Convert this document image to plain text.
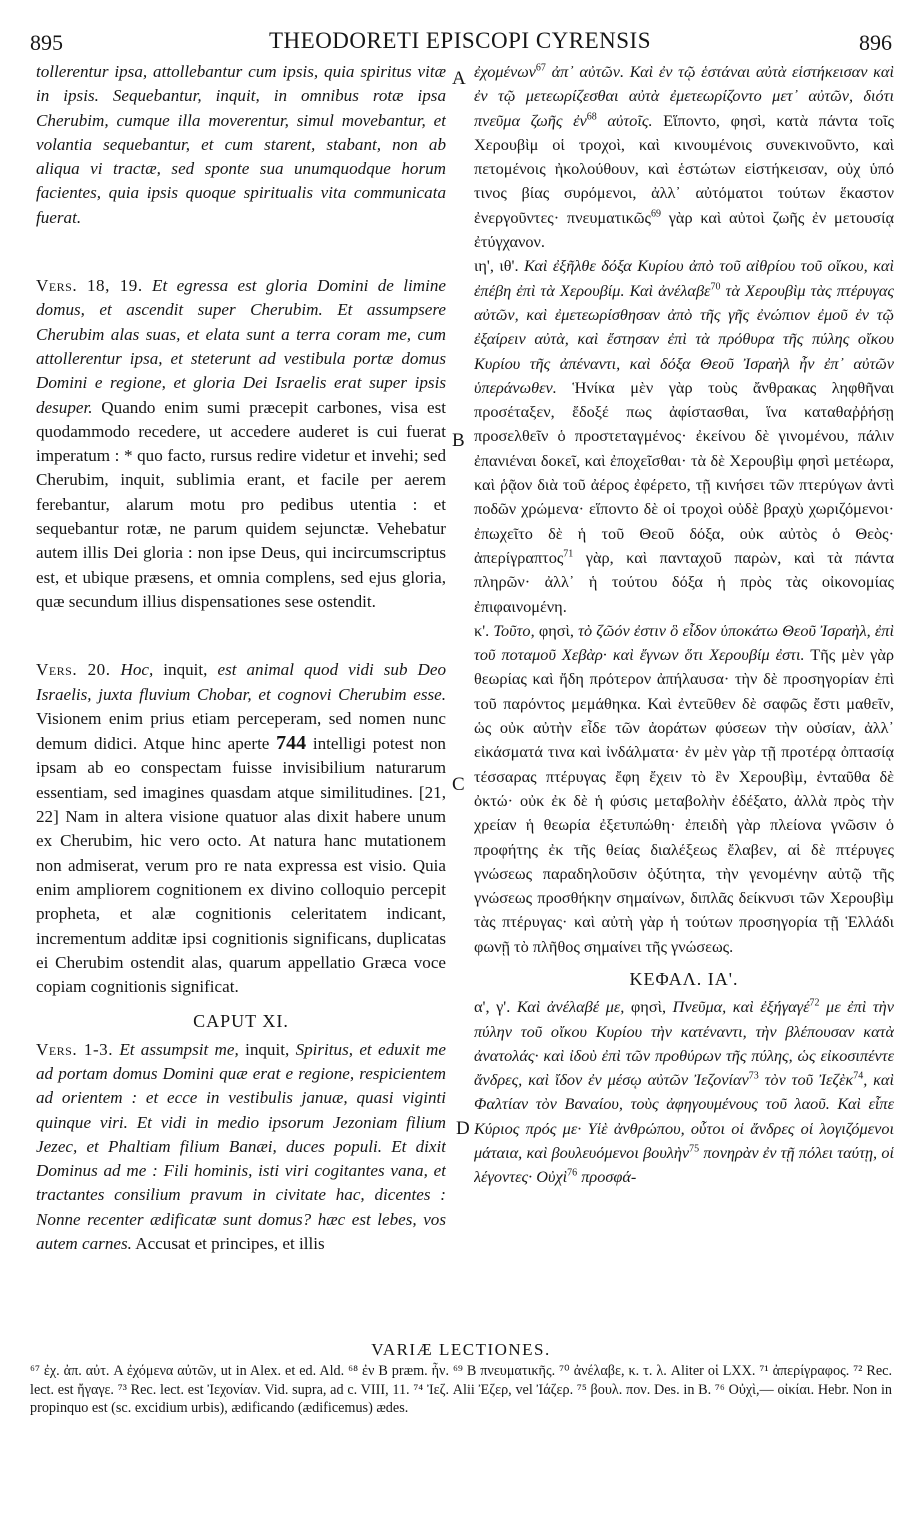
895	THEODORETI EPISCOPI CYRENSIS	896
A
B
C
D

tollerentur ipsa, attollebantur cum ipsis, quia spiritus vitæ in ipsis. Sequebantur, inquit, in omnibus rotæ ipsa Cherubim, cumque illa moverentur, simul movebantur, et volantia sequebantur, et cum starent, stabant, non ab aliqua vi tractæ, sed sponte sua unumquodque horum facientes, quia ipsis quoque spiritualis vita communicata fuerat.

Vers. 18, 19. Et egressa est gloria Domini de limine domus, et ascendit super Cherubim. Et assumpsere Cherubim alas suas, et elata sunt a terra coram me, cum attollerentur ipsa, et steterunt ad vestibula portæ domus Domini e regione, et gloria Dei Israelis erat super ipsis desuper. Quando enim sumi præcepit carbones, visa est quodammodo recedere, ut accedere auderet is cui fuerat imperatum : * quo facto, rursus redire videtur et invehi; sed Cherubim, inquit, sublimia erant, et facile per aerem ferebantur, alarum motu pro pedibus utentia : et sequebantur rotæ, ne parum quidem sejunctæ. Vehebatur autem illis Dei gloria : non ipse Deus, qui incircumscriptus est, et ubique præsens, et omnia complens, sed ejus gloria, quæ secundum illius dispensationes sese ostendit.

Vers. 20. Hoc, inquit, est animal quod vidi sub Deo Israelis, juxta fluvium Chobar, et cognovi Cherubim esse. Visionem enim prius etiam perceperam, sed nomen nunc demum didici. Atque hinc aperte 744 intelligi potest non ipsam ab eo conspectam fuisse invisibilium naturarum essentiam, sed imagines quasdam atque similitudines. [21, 22] Nam in altera visione quatuor alas dixit habere unum ex Cherubim, hic vero octo. At natura hanc mutationem non admiserat, verum pro re nata expressa est visio. Quia enim ampliorem cognitionem ex divino colloquio percepit propheta, et alæ cognitionis celeritatem indicant, incrementum additæ ipsi cognitionis significans, duplicatas ei Cherubim ostendit alas, quarum appellatio Græca voce copiam cognitionis significat.

CAPUT XI.

Vers. 1-3. Et assumpsit me, inquit, Spiritus, et eduxit me ad portam domus Domini quæ erat e regione, respicientem ad orientem : et ecce in vestibulis januæ, quasi viginti quinque viri. Et vidi in medio ipsorum Jezoniam filium Jezec, et Phaltiam filium Banæi, duces populi. Et dixit Dominus ad me : Fili hominis, isti viri cogitantes vana, et tractantes consilium pravum in civitate hac, dicentes : Nonne recenter ædificatæ sunt domus? hæc est lebes, vos autem carnes. Accusat et principes, et illis

ἐχομένων$^{67}$ ἀπ᾽ αὐτῶν. Καὶ ἐν τῷ ἑστάναι αὐτὰ εἱστήκεισαν καὶ ἐν τῷ μετεωρίζεσθαι αὐτὰ ἐμετεωρίζοντο μετ᾽ αὐτῶν, διότι πνεῦμα ζωῆς ἐν$^{68}$ αὐτοῖς. Εἵποντο, φησὶ, κατὰ πάντα τοῖς Χερουβὶμ οἱ τροχοὶ, καὶ κινουμένοις συνεκινοῦντο, καὶ πετομένοις ἠκολούθουν, καὶ ἑστώτων εἱστήκεισαν, οὐχ ὑπό τινος βίας συρόμενοι, ἀλλ᾽ αὐτόματοι τούτων ἕκαστον ἐνεργοῦντες· πνευματικῶς$^{69}$ γὰρ καὶ αὐτοὶ ζωῆς ἐν μετουσίᾳ ἐτύγχανον.

ιη', ιθ'. Καὶ ἐξῆλθε δόξα Κυρίου ἀπὸ τοῦ αἰθρίου τοῦ οἴκου, καὶ ἐπέβη ἐπὶ τὰ Χερουβίμ. Καὶ ἀνέλαβε$^{70}$ τὰ Χερουβὶμ τὰς πτέρυγας αὐτῶν, καὶ ἐμετεωρίσθησαν ἀπὸ τῆς γῆς ἐνώπιον ἐμοῦ ἐν τῷ ἐξαίρειν αὐτὰ, καὶ ἔστησαν ἐπὶ τὰ πρόθυρα τῆς πύλης οἴκου Κυρίου τῆς ἀπέναντι, καὶ δόξα Θεοῦ Ἰσραὴλ ἦν ἐπ᾽ αὐτῶν ὑπεράνωθεν. Ἡνίκα μὲν γὰρ τοὺς ἄνθρακας ληφθῆναι προσέταξεν, ἔδοξέ πως ἀφίστασθαι, ἵνα καταθαῤῥήσῃ προσελθεῖν ὁ προστεταγμένος· ἐκείνου δὲ γινομένου, πάλιν ἐπανιέναι δοκεῖ, καὶ ἐποχεῖσθαι· τὰ δὲ Χερουβὶμ φησὶ μετέωρα, καὶ ῥᾷον διὰ τοῦ ἀέρος ἐφέρετο, τῇ κινήσει τῶν πτερύγων ἀντὶ ποδῶν χρώμενα· εἵποντο δὲ οἱ τροχοὶ οὐδὲ βραχὺ χωριζόμενοι· ἐπωχεῖτο δὲ ἡ τοῦ Θεοῦ δόξα, οὐκ αὐτὸς ὁ Θεὸς· ἀπερίγραπτος$^{71}$ γὰρ, καὶ πανταχοῦ παρὼν, καὶ τὰ πάντα πληρῶν· ἀλλ᾽ ἡ τούτου δόξα ἡ πρὸς τὰς οἰκονομίας ἐπιφαινομένη.

κ'. Τοῦτο, φησὶ, τὸ ζῶόν ἐστιν ὃ εἶδον ὑποκάτω Θεοῦ Ἰσραὴλ, ἐπὶ τοῦ ποταμοῦ Χεβὰρ· καὶ ἔγνων ὅτι Χερουβίμ ἐστι. Τῆς μὲν γὰρ θεωρίας καὶ ἤδη πρότερον ἀπήλαυσα· τὴν δὲ προσηγορίαν ἐπὶ τοῦ παρόντος μεμάθηκα. Καὶ ἐντεῦθεν δὲ σαφῶς ἔστι μαθεῖν, ὡς οὐκ αὐτὴν εἶδε τῶν ἀοράτων φύσεων τὴν οὐσίαν, ἀλλ᾽ εἰκάσματά τινα καὶ ἰνδάλματα· ἐν μὲν γὰρ τῇ προτέρᾳ ὀπτασίᾳ τέσσαρας πτέρυγας ἔφη ἔχειν τὸ ἓν Χερουβὶμ, ἐνταῦθα δὲ ὀκτώ· οὐκ ἐκ δὲ ἡ φύσις μεταβολὴν ἐδέξατο, ἀλλὰ πρὸς τὴν χρείαν ἡ θεωρία ἐξετυπώθη· ἐπειδὴ γὰρ πλείονα γνῶσιν ὁ προφήτης ἐκ τῆς θείας διαλέξεως ἔλαβεν, αἱ δὲ πτέρυγες γνώσεως παραδηλοῦσιν ὀξύτητα, τὴν γενομένην αὐτῷ τῆς γνώσεως προσθήκην σημαίνων, διπλᾶς δείκνυσι τῶν Χερουβὶμ τὰς πτέρυγας· καὶ αὐτὴ γὰρ ἡ τούτων προσηγορία τῇ Ἑλλάδι φωνῇ τὸ πλῆθος σημαίνει τῆς γνώσεως.

ΚΕΦΑΛ. ΙΑ'.

α', γ'. Καὶ ἀνέλαβέ με, φησὶ, Πνεῦμα, καὶ ἐξήγαγέ$^{72}$ με ἐπὶ τὴν πύλην τοῦ οἴκου Κυρίου τὴν κατέναντι, τὴν βλέπουσαν κατὰ ἀνατολάς· καὶ ἰδοὺ ἐπὶ τῶν προθύρων τῆς πύλης, ὡς εἰκοσιπέντε ἄνδρες, καὶ ἴδον ἐν μέσῳ αὐτῶν Ἰεζονίαν$^{73}$ τὸν τοῦ Ἰεζὲκ$^{74}$, καὶ Φαλτίαν τὸν Βαναίου, τοὺς ἀφηγουμένους τοῦ λαοῦ. Καὶ εἶπε Κύριος πρός με· Υἱὲ ἀνθρώπου, οὗτοι οἱ ἄνδρες οἱ λογιζόμενοι μάταια, καὶ βουλευόμενοι βουλὴν$^{75}$ πονηρὰν ἐν τῇ πόλει ταύτῃ, οἱ λέγοντες· Οὐχὶ$^{76}$ προσφά-

VARIÆ LECTIONES.
⁶⁷ ἐχ. ἀπ. αὐτ. A ἐχόμενα αὐτῶν, ut in Alex. et ed. Ald. ⁶⁸ ἐν B præm. ἦν. ⁶⁹ B πνευματικῆς. ⁷⁰ ἀνέλαβε, κ. τ. λ. Aliter οἱ LXX. ⁷¹ ἀπερίγραφος. ⁷² Rec. lect. est ἤγαγε. ⁷³ Rec. lect. est Ἰεχονίαν. Vid. supra, ad c. VIII, 11. ⁷⁴ Ἰεζ. Alii Ἐζερ, vel Ἰάζερ. ⁷⁵ βουλ. πον. Des. in B. ⁷⁶ Οὐχὶ,— οἰκίαι. Hebr. Non in propinquo est (sc. excidium urbis), ædificando (ædificemus) ædes.
